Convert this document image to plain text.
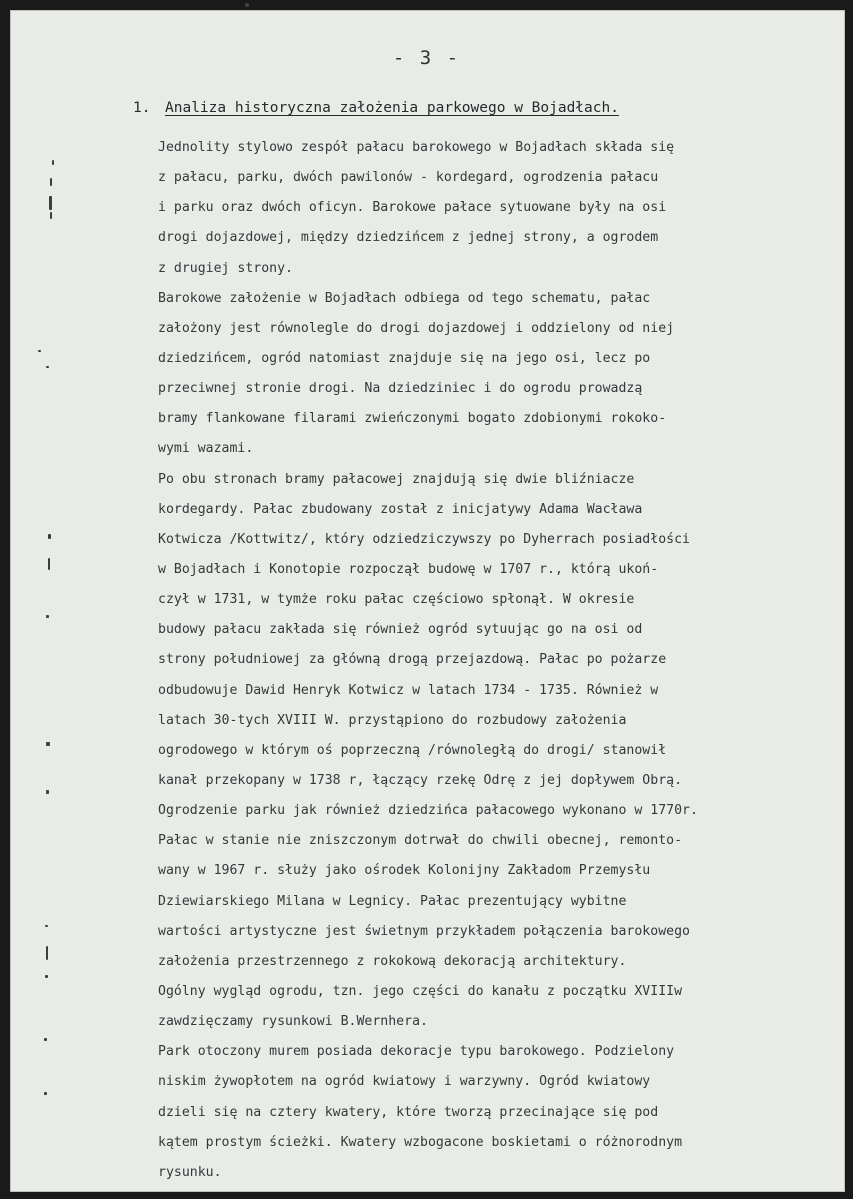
- 3 -
1. Analiza historyczna założenia parkowego w Bojadłach.
Jednolity stylowo zespół pałacu barokowego w Bojadłach składa się
z pałacu, parku, dwóch pawilonów - kordegard, ogrodzenia pałacu
i parku oraz dwóch oficyn. Barokowe pałace sytuowane były na osi
drogi dojazdowej, między dziedzińcem z jednej strony, a ogrodem
z drugiej strony.
Barokowe założenie w Bojadłach odbiega od tego schematu, pałac
założony jest równolegle do drogi dojazdowej i oddzielony od niej
dziedzińcem, ogród natomiast znajduje się na jego osi, lecz po
przeciwnej stronie drogi. Na dziedziniec i do ogrodu prowadzą
bramy flankowane filarami zwieńczonymi bogato zdobionymi rokoko-
wymi wazami.
Po obu stronach bramy pałacowej znajdują się dwie bliźniacze
kordegardy. Pałac zbudowany został z inicjatywy Adama Wacława
Kotwicza /Kottwitz/, który odziedziczywszy po Dyherrach posiadłości
w Bojadłach i Konotopie rozpoczął budowę w 1707 r., którą ukoń-
czył w 1731, w tymże roku pałac częściowo spłonął. W okresie
budowy pałacu zakłada się również ogród sytuując go na osi od
strony południowej za główną drogą przejazdową. Pałac po pożarze
odbudowuje Dawid Henryk Kotwicz w latach 1734 - 1735. Również w
latach 30-tych XVIII W. przystąpiono do rozbudowy założenia
ogrodowego w którym oś poprzeczną /równoległą do drogi/ stanowił
kanał przekopany w 1738 r, łączący rzekę Odrę z jej dopływem Obrą.
Ogrodzenie parku jak również dziedzińca pałacowego wykonano w 1770r.
Pałac w stanie nie zniszczonym dotrwał do chwili obecnej, remonto-
wany w 1967 r. służy jako ośrodek Kolonijny Zakładom Przemysłu
Dziewiarskiego Milana w Legnicy. Pałac prezentujący wybitne
wartości artystyczne jest świetnym przykładem połączenia barokowego
założenia przestrzennego z rokokową dekoracją architektury.
Ogólny wygląd ogrodu, tzn. jego części do kanału z początku XVIIIw
zawdzięczamy rysunkowi B.Wernhera.
Park otoczony murem posiada dekoracje typu barokowego. Podzielony
niskim żywopłotem na ogród kwiatowy i warzywny. Ogród kwiatowy
dzieli się na cztery kwatery, które tworzą przecinające się pod
kątem prostym ścieżki. Kwatery wzbogacone boskietami o różnorodnym
rysunku.
